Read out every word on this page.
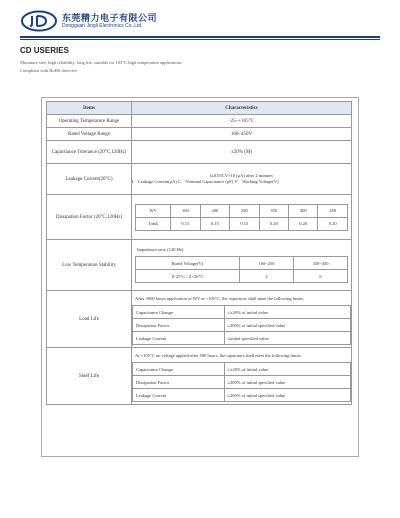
东莞精力电子有限公司
Dongguan Jingli Electronics Co.,Ltd.
CD USERIES
Miniature size, high reliability, long life, suitable for 105°C high temperature applications
Compliant with RoHS directive
Items	Characteristics
Operating Temperature Range	-25~+105°C
Rated Voltage Range	160~450V
Capacitance Tolerance (20°C,120Hz)	±20% (M)
Leakage Current(20°C)	
I≤0.03CV+10 (μA) after 2 minutes
I：Leakage Current(μA) C：Nominal Capacitance (μF) V：Working Voltage(V)

Dissipation Factor (20°C,120Hz)	
WV	160	200	250	350	400	450
TanΔ	0.15	0.15	0.15	0.20	0.20	0.20

Low Temperature Stability	
Impedance ratio (120 Hz)
Rated Voltage(V)	160~250	350~450
Z-25°C / Z+20°C	4	6

Load Life	
After 3000 hours application of WV at +105°C, the capacitors shall meet the following limits.
Capacitance Change	≤±20% of initial value
Dissipation Factor	≤200% of initial specified value
Leakage Current	≤initial specified value

Shelf Life	
At +105°C no voltage applied after 500 hours, the capacitors shall meet the following limits.
Capacitance Change	≤±20% of initial value
Dissipation Factor	≤200% of initial specified value
Leakage Current	≤200% of initial specified value
